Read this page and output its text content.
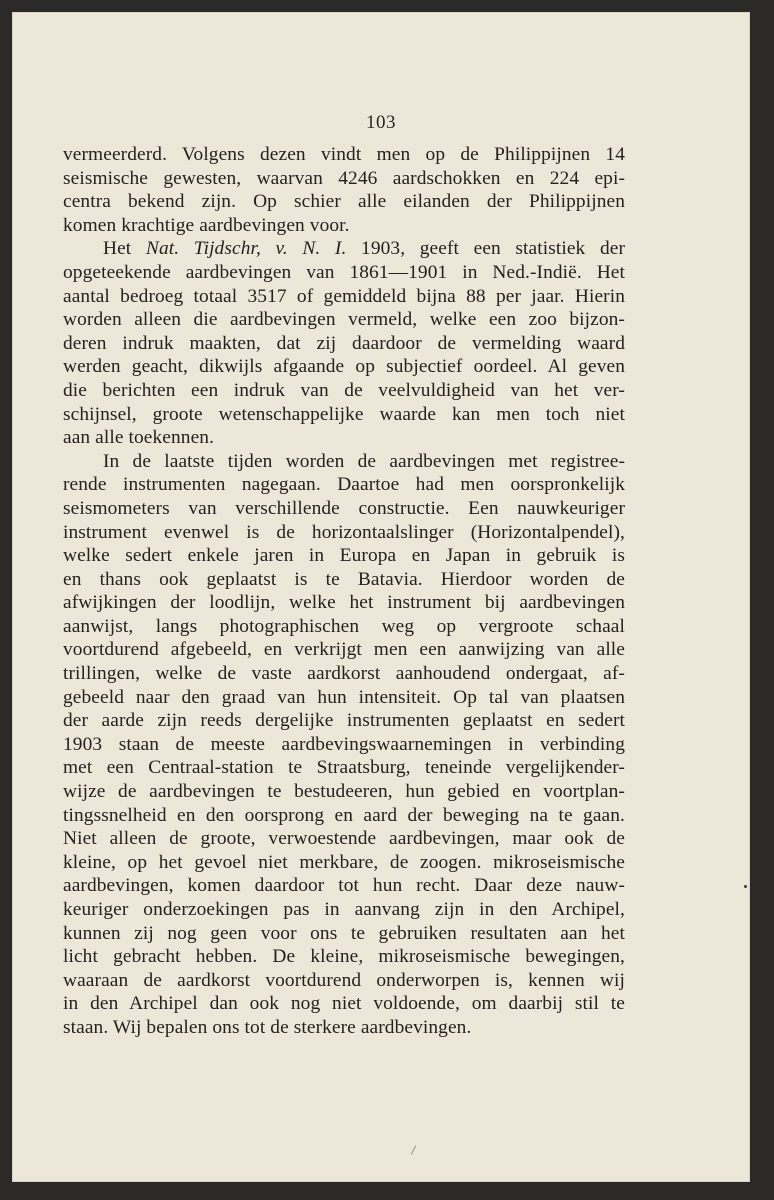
103
vermeerderd. Volgens dezen vindt men op de Philippijnen 14
seismische gewesten, waarvan 4246 aardschokken en 224 epi-
centra bekend zijn. Op schier alle eilanden der Philippijnen
komen krachtige aardbevingen voor.
Het Nat. Tijdschr, v. N. I. 1903, geeft een statistiek der
opgeteekende aardbevingen van 1861—1901 in Ned.-Indië. Het
aantal bedroeg totaal 3517 of gemiddeld bijna 88 per jaar. Hierin
worden alleen die aardbevingen vermeld, welke een zoo bijzon-
deren indruk maakten, dat zij daardoor de vermelding waard
werden geacht, dikwijls afgaande op subjectief oordeel. Al geven
die berichten een indruk van de veelvuldigheid van het ver-
schijnsel, groote wetenschappelijke waarde kan men toch niet
aan alle toekennen.
In de laatste tijden worden de aardbevingen met registree-
rende instrumenten nagegaan. Daartoe had men oorspronkelijk
seismometers van verschillende constructie. Een nauwkeuriger
instrument evenwel is de horizontaalslinger (Horizontalpendel),
welke sedert enkele jaren in Europa en Japan in gebruik is
en thans ook geplaatst is te Batavia. Hierdoor worden de
afwijkingen der loodlijn, welke het instrument bij aardbevingen
aanwijst, langs photographischen weg op vergroote schaal
voortdurend afgebeeld, en verkrijgt men een aanwijzing van alle
trillingen, welke de vaste aardkorst aanhoudend ondergaat, af-
gebeeld naar den graad van hun intensiteit. Op tal van plaatsen
der aarde zijn reeds dergelijke instrumenten geplaatst en sedert
1903 staan de meeste aardbevingswaarnemingen in verbinding
met een Centraal-station te Straatsburg, teneinde vergelijkender-
wijze de aardbevingen te bestudeeren, hun gebied en voortplan-
tingssnelheid en den oorsprong en aard der beweging na te gaan.
Niet alleen de groote, verwoestende aardbevingen, maar ook de
kleine, op het gevoel niet merkbare, de zoogen. mikroseismische
aardbevingen, komen daardoor tot hun recht. Daar deze nauw-
keuriger onderzoekingen pas in aanvang zijn in den Archipel,
kunnen zij nog geen voor ons te gebruiken resultaten aan het
licht gebracht hebben. De kleine, mikroseismische bewegingen,
waaraan de aardkorst voortdurend onderworpen is, kennen wij
in den Archipel dan ook nog niet voldoende, om daarbij stil te
staan. Wij bepalen ons tot de sterkere aardbevingen.
